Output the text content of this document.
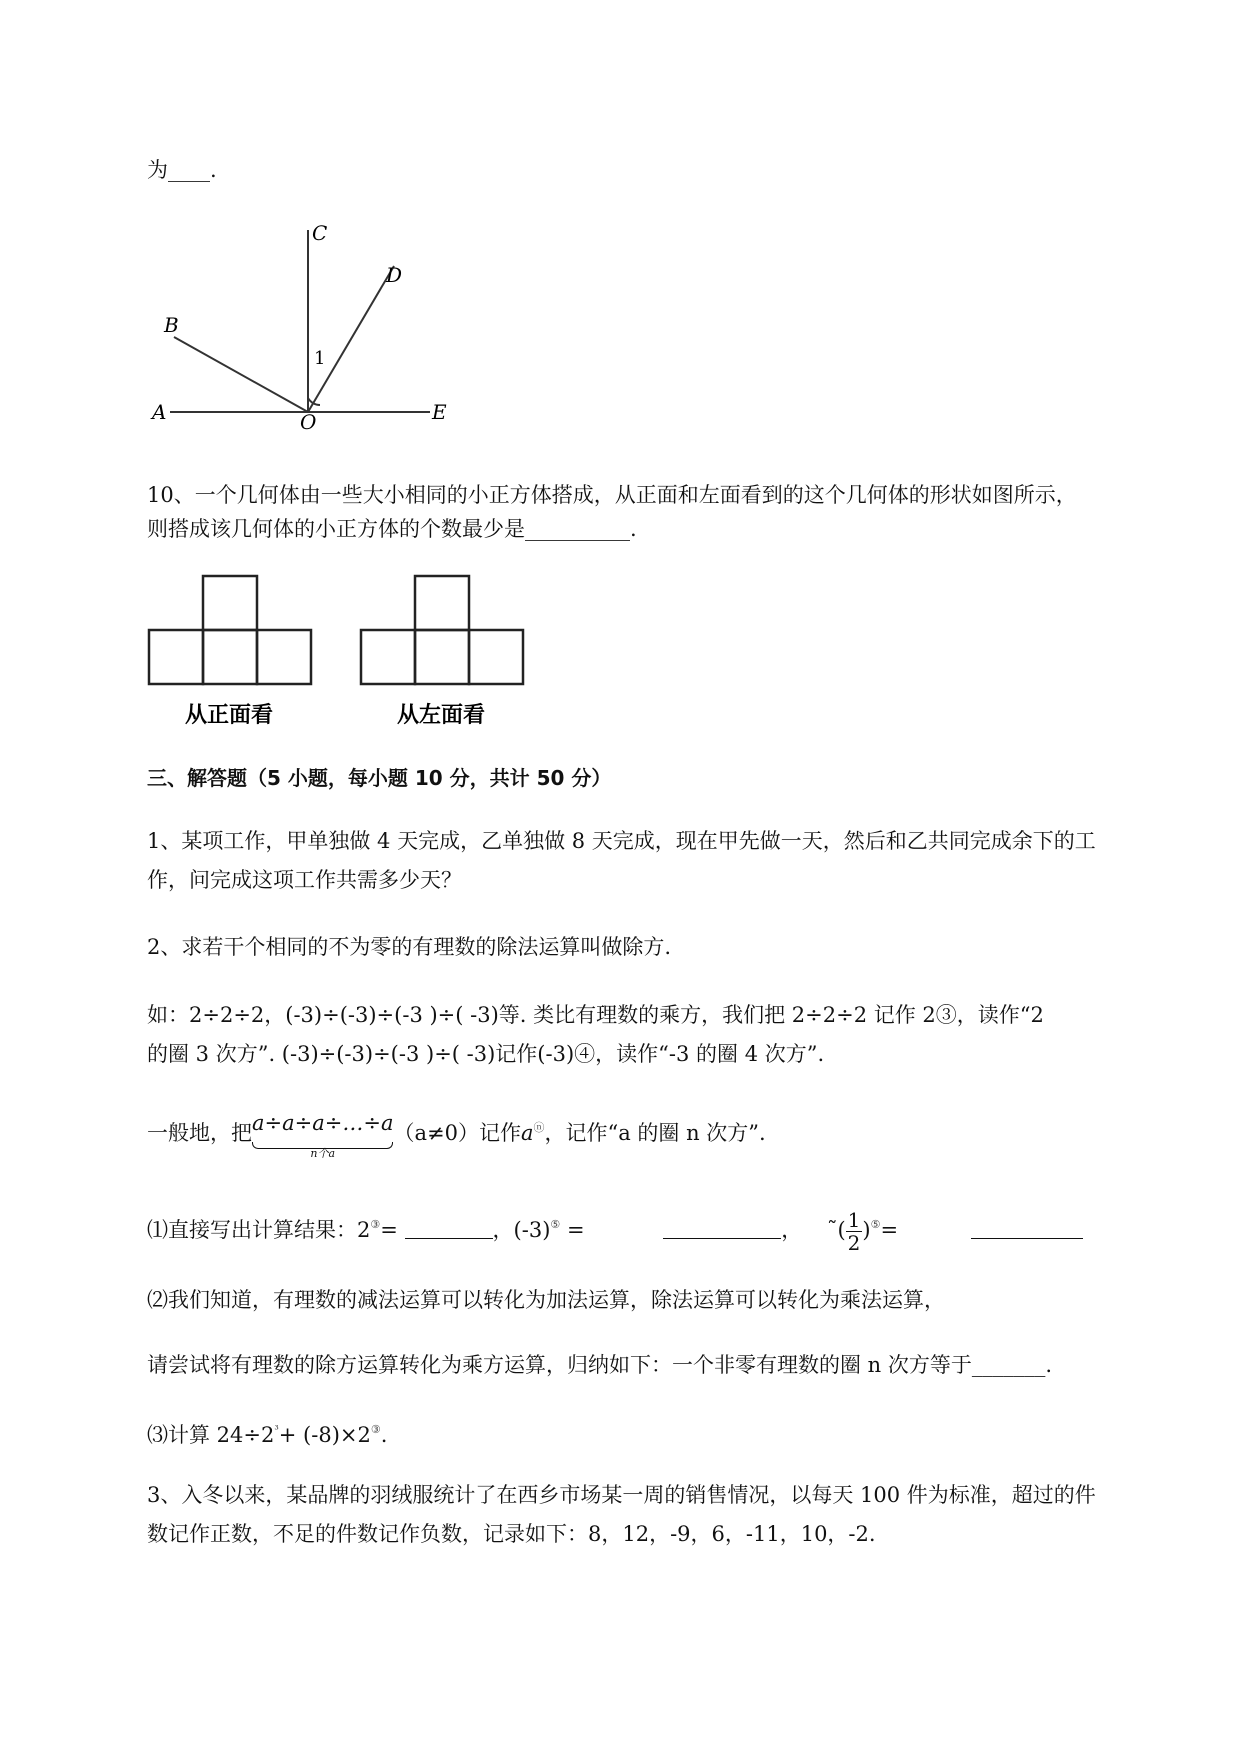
为____.
C
D
B
1
A	O	E
10、一个几何体由一些大小相同的小正方体搭成，从正面和左面看到的这个几何体的形状如图所示，
则搭成该几何体的小正方体的个数最少是__________.
从正面看	从左面看
三、解答题（5 小题，每小题 10 分，共计 50 分）
1、某项工作，甲单独做 4 天完成，乙单独做 8 天完成，现在甲先做一天，然后和乙共同完成余下的工
作，问完成这项工作共需多少天？
2、求若干个相同的不为零的有理数的除法运算叫做除方.
如：2÷2÷2，(-3)÷(-3)÷(-3 )÷( -3)等. 类比有理数的乘方，我们把 2÷2÷2 记作 2③，读作“2
的圈 3 次方”. (-3)÷(-3)÷(-3 )÷( -3)记作(-3)④，读作“-3 的圈 4 次方”.
一般地，把a÷a÷a÷…÷a
n个a
（a≠0）记作aⓝ，记作“a 的圈 n 次方”.
⑴直接写出计算结果：2③=	，(-3)⑤ =	， ˜( $\frac{1}{2} )^⑤=$
⑵我们知道，有理数的减法运算可以转化为加法运算，除法运算可以转化为乘法运算，
请尝试将有理数的除方运算转化为乘方运算，归纳如下：一个非零有理数的圈 n 次方等于_______.
⑶计算 $24\div 2^{^3}+ (-8)\times 2^③$.
3、入冬以来，某品牌的羽绒服统计了在西乡市场某一周的销售情况，以每天 100 件为标准，超过的件
数记作正数，不足的件数记作负数，记录如下：8，12，-9，6，-11，10，-2.
